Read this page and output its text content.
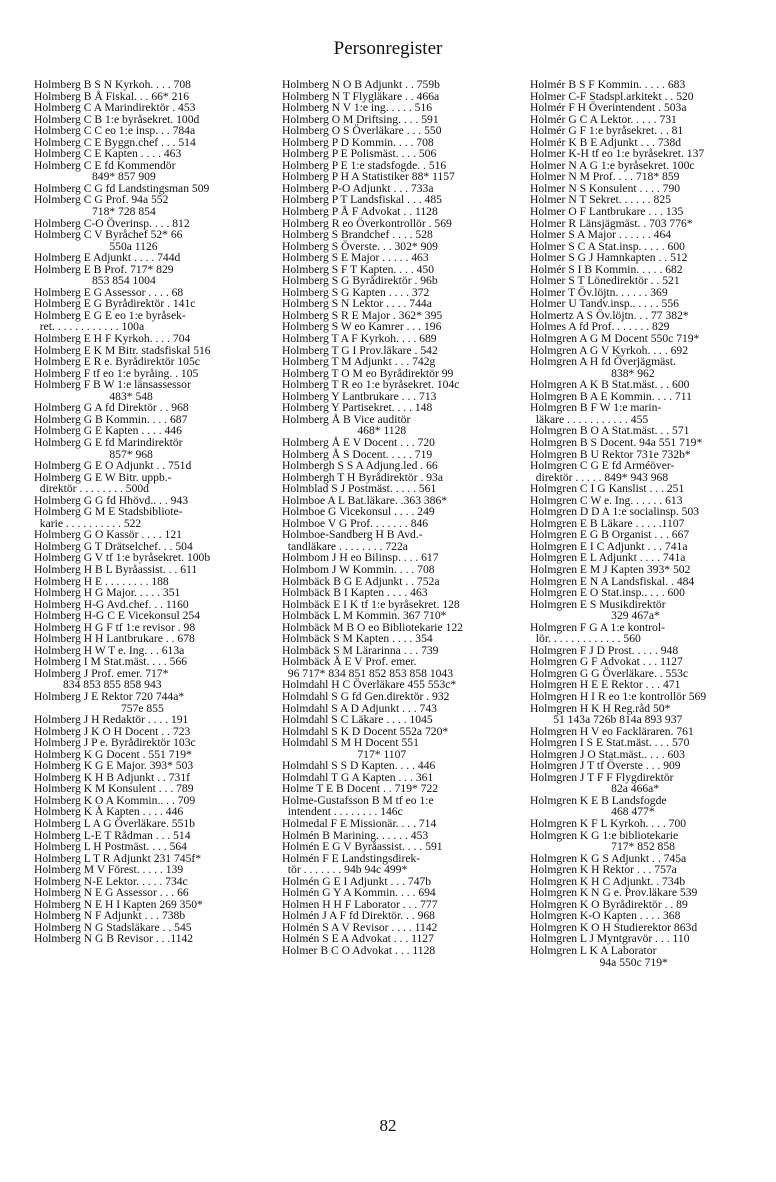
Personregister
Holmberg B S N Kyrkoh. . . . 708
Holmberg B Å Fiskal. . . 66* 216
Holmberg C A Marindirektör . 453
Holmberg C B 1:e byråsekret. 100d
Holmberg C C eo 1:e insp. . . 784a
Holmberg C E Byggn.chef . . . 514
Holmberg C E Kapten . . . . 463
Holmberg C E fd Kommendör
849* 857 909
Holmberg C G fd Landstingsman 509
Holmberg C G Prof. 94a 552
718* 728 854
Holmberg C-O Överinsp. . . . 812
Holmberg C V Byråchef 52* 66
550a 1126
Holmberg E Adjunkt . . . . 744d
Holmberg E B Prof. 717* 829
853 854 1004
Holmberg E G Assessor . . . . 68
Holmberg E G Byrådirektör . 141c
Holmberg E G E eo 1:e byråsek-
ret. . . . . . . . . . . . 100a
Holmberg E H F Kyrkoh. . . . 704
Holmberg E K M Bitr. stadsfiskal 516
Holmberg E R e. Byrådirektör 105c
Holmberg F tf eo 1:e byråing. . 105
Holmberg F B W 1:e länsassessor
483* 548
Holmberg G A fd Direktör . . 968
Holmberg G B Kommin. . . . 687
Holmberg G E Kapten . . . . 446
Holmberg G E fd Marindirektör
857* 968
Holmberg G E O Adjunkt . . 751d
Holmberg G E W Bitr. uppb.-
direktör . . . . . . . . 500d
Holmberg G G fd Hhövd.. . . 943
Holmberg G M E Stadsbibliote-
karie . . . . . . . . . . 522
Holmberg G O Kassör . . . . 121
Holmberg G T Drätselchef. . . 504
Holmberg G V tf 1:e byråsekret. 100b
Holmberg H B L Byråassist. . . 611
Holmberg H E . . . . . . . . 188
Holmberg H G Major. . . . . 351
Holmberg H-G Avd.chef. . . 1160
Holmberg H-G C E Vicekonsul 254
Holmberg H G F tf 1:e revisor . 98
Holmberg H H Lantbrukare . . 678
Holmberg H W T e. Ing. . . 613a
Holmberg I M Stat.mäst. . . . 566
Holmberg J Prof. emer. 717*
834 853 855 858 943
Holmberg J E Rektor 720 744a*
757e 855
Holmberg J H Redaktör . . . . 191
Holmberg J K O H Docent . . 723
Holmberg J P e. Byrådirektör 103c
Holmberg K G Docent . 551 719*
Holmberg K G E Major. 393* 503
Holmberg K H B Adjunkt . . 731f
Holmberg K M Konsulent . . . 789
Holmberg K O A Kommin.. . . 709
Holmberg K Å Kapten . . . . 446
Holmberg L A G Överläkare. 551b
Holmberg L-E T Rådman . . . 514
Holmberg L H Postmäst. . . . 564
Holmberg L T R Adjunkt 231 745f*
Holmberg M V Förest. . . . . 139
Holmberg N-E Lektor. . . . . 734c
Holmberg N E G Assessor . . . 66
Holmberg N E H I Kapten 269 350*
Holmberg N F Adjunkt . . . 738b
Holmberg N G Stadsläkare . . 545
Holmberg N G B Revisor . . .1142
Holmberg N O B Adjunkt . . 759b
Holmberg N T Flygläkare . . 466a
Holmberg N V 1:e ing. . . . . 516
Holmberg O M Driftsing. . . . 591
Holmberg O S Överläkare . . . 550
Holmberg P D Kommin. . . . 708
Holmberg P E Polismäst. . . . 506
Holmberg P E 1:e stadsfogde. . 516
Holmberg P H A Statistiker 88* 1157
Holmberg P-O Adjunkt . . . 733a
Holmberg P T Landsfiskal . . . 485
Holmberg P Å F Advokat . . 1128
Holmberg R eo Överkontrollör . 569
Holmberg S Brandchef . . . . 528
Holmberg S Överste. . . 302* 909
Holmberg S E Major . . . . . 463
Holmberg S F T Kapten. . . . 450
Holmberg S G Byrådirektör . 96b
Holmberg S G Kapten . . . . 372
Holmberg S N Lektor . . . . 744a
Holmberg S R E Major . 362* 395
Holmberg S W eo Kamrer . . . 196
Holmberg T A F Kyrkoh. . . . 689
Holmberg T G I Prov.läkare . 542
Holmberg T M Adjunkt . . . 742g
Holmberg T O M eo Byrådirektör 99
Holmberg T R eo 1:e byråsekret. 104c
Holmberg Y Lantbrukare . . . 713
Holmberg Y Partisekret. . . . 148
Holmberg Å B Vice auditör
468* 1128
Holmberg Å E V Docent . . . 720
Holmberg Å S Docent. . . . . 719
Holmbergh S S A Adjung.led . 66
Holmbergh T H Byrådirektör . 93a
Holmblad S J Postmäst. . . . . 561
Holmboe A L Bat.läkare. .363 386*
Holmboe G Vicekonsul . . . . 249
Holmboe V G Prof. . . . . . . 846
Holmboe-Sandberg H B Avd.-
tandläkare . . . . . . . . 722a
Holmbom J H eo Bilinsp. . . . 617
Holmbom J W Kommin. . . . 708
Holmbäck B G E Adjunkt . . 752a
Holmbäck B I Kapten . . . . 463
Holmbäck E I K tf 1:e byråsekret. 128
Holmbäck L M Kommin. 367 710*
Holmbäck M B O eo Bibliotekarie 122
Holmbäck S M Kapten . . . . 354
Holmbäck S M Lärarinna . . . 739
Holmbäck Å E V Prof. emer.
96 717* 834 851 852 853 858 1043
Holmdahl H C Överläkare 455 553c*
Holmdahl S G fd Gen.direktör . 932
Holmdahl S A D Adjunkt . . . 743
Holmdahl S C Läkare . . . . 1045
Holmdahl S K D Docent 552a 720*
Holmdahl S M H Docent 551
717* 1107
Holmdahl S S D Kapten. . . . 446
Holmdahl T G A Kapten . . . 361
Holme T E B Docent . . 719* 722
Holme-Gustafsson B M tf eo 1:e
intendent . . . . . . . . 146c
Holmedal F E Missionär. . . . 714
Holmén B Marining. . . . . . 453
Holmén E G V Byråassist. . . . 591
Holmén F E Landstingsdirek-
tör . . . . . . . 94b 94c 499*
Holmén G E I Adjunkt . . . 747b
Holmén G Y A Kommin. . . . 694
Holmen H H F Laborator . . . 777
Holmén J A F fd Direktör. . . 968
Holmén S A V Revisor . . . . 1142
Holmén S E A Advokat . . . 1127
Holmer B C O Advokat . . . 1128
Holmér B S F Kommin. . . . . 683
Holmer C-F Stadspl.arkitekt . . 520
Holmér F H Överintendent . 503a
Holmér G C A Lektor. . . . . 731
Holmér G F 1:e byråsekret. . . 81
Holmér K B E Adjunkt . . . 738d
Holmer K-H tf eo 1:e byråsekret. 137
Holmer N A G 1:e byråsekret. 100c
Holmer N M Prof. . . . 718* 859
Holmer N S Konsulent . . . . 790
Holmer N T Sekret. . . . . . 825
Holmer O F Lantbrukare . . . 135
Holmer R Länsjägmäst. . 703 776*
Holmer S A Major . . . . . . 464
Holmer S C A Stat.insp. . . . . 600
Holmer S G J Hamnkapten . . 512
Holmér S I B Kommin. . . . . 682
Holmer S T Lönedirektör . . 521
Holmer T Öv.löjtn. . . . . . 369
Holmer U Tandv.insp.. . . . . 556
Holmertz A S Öv.löjtn. . . 77 382*
Holmes A fd Prof. . . . . . . 829
Holmgren A G M Docent 550c 719*
Holmgren A G V Kyrkoh. . . . 692
Holmgren A H fd Överjägmäst.
838* 962
Holmgren A K B Stat.mäst. . . 600
Holmgren B A E Kommin. . . . 711
Holmgren B F W 1:e marin-
läkare . . . . . . . . . . . 455
Holmgren B O A Stat.mäst. . . 571
Holmgren B S Docent. 94a 551 719*
Holmgren B U Rektor 731e 732b*
Holmgren C G E fd Arméöver-
direktör . . . . . 849* 943 968
Holmgren C I G Kanslist . . . 251
Holmgren C W e. Ing. . . . . . 613
Holmgren D D A 1:e socialinsp. 503
Holmgren E B Läkare . . . . .1107
Holmgren E G B Organist . . . 667
Holmgren E I C Adjunkt . . . 741a
Holmgren E L Adjunkt . . . . 741a
Holmgren E M J Kapten 393* 502
Holmgren E N A Landsfiskal. . 484
Holmgren E O Stat.insp.. . . . 600
Holmgren E S Musikdirektör
329 467a*
Holmgren F G A 1:e kontrol-
lör. . . . . . . . . . . . . 560
Holmgren F J D Prost. . . . . 948
Holmgren G F Advokat . . . 1127
Holmgren G G Överläkare. . 553c
Holmgren H E E Rektor . . . 471
Holmgren H I R eo 1:e kontrollör 569
Holmgren H K H Reg.råd 50*
51 143a 726b 814a 893 937
Holmgren H V eo Fackläraren. 761
Holmgren I S E Stat.mäst. . . . 570
Holmgren J O Stat.mäst.. . . . 603
Holmgren J T tf Överste . . . 909
Holmgren J T F F Flygdirektör
82a 466a*
Holmgren K E B Landsfogde
468 477*
Holmgren K F L Kyrkoh. . . . 700
Holmgren K G 1:e bibliotekarie
717* 852 858
Holmgren K G S Adjunkt . . 745a
Holmgren K H Rektor . . . 757a
Holmgren K H C Adjunkt. . 734b
Holmgren K N G e. Prov.läkare 539
Holmgren K O Byrådirektör . . 89
Holmgren K-O Kapten . . . . 368
Holmgren K O H Studierektor 863d
Holmgren L J Myntgravör . . . 110
Holmgren L K A Laborator
94a 550c 719*
82
